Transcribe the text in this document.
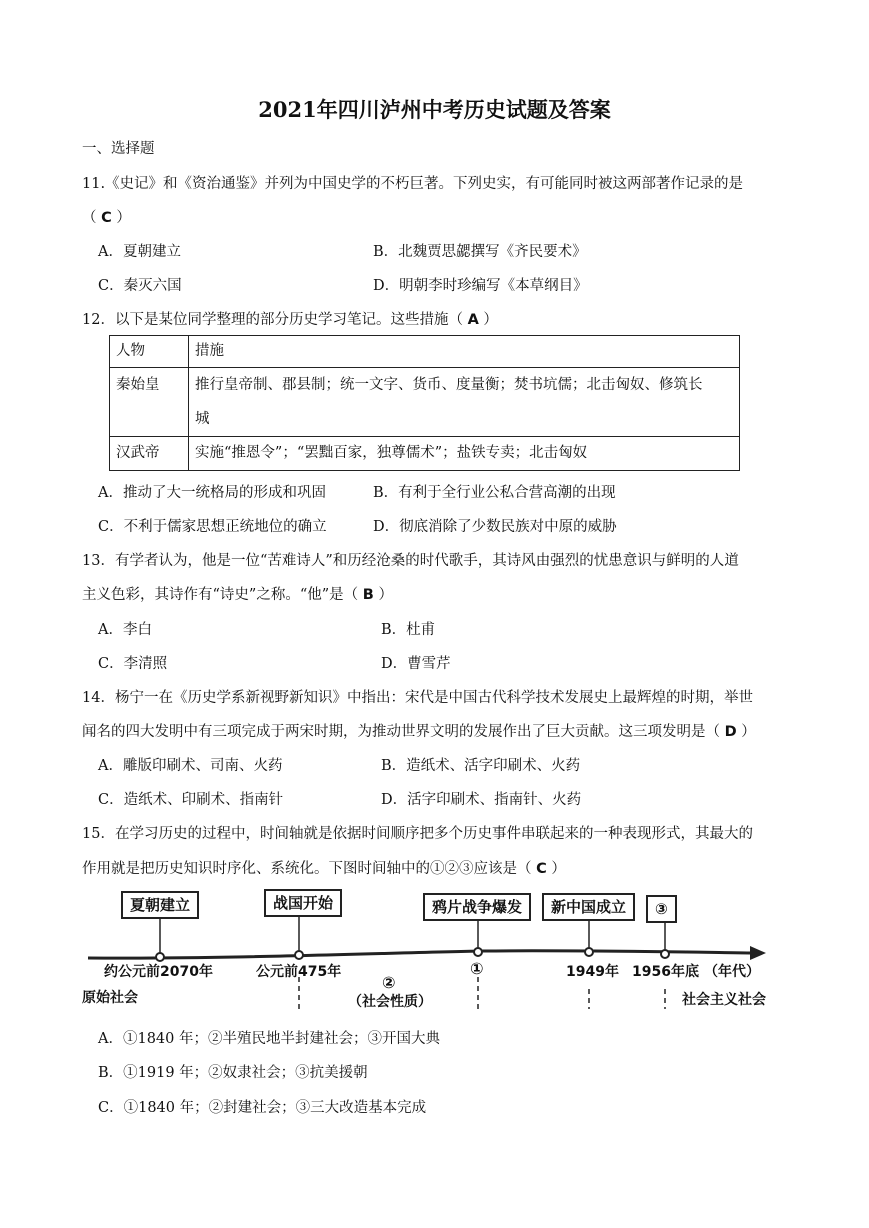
2021年四川泸州中考历史试题及答案
一、选择题
11.《史记》和《资治通鉴》并列为中国史学的不朽巨著。下列史实，有可能同时被这两部著作记录的是
（ C ）
A．夏朝建立	B．北魏贾思勰撰写《齐民要术》
C．秦灭六国	D．明朝李时珍编写《本草纲目》
12．以下是某位同学整理的部分历史学习笔记。这些措施（ A ）
人物	措施
秦始皇	推行皇帝制、郡县制；统一文字、货币、度量衡；焚书坑儒；北击匈奴、修筑长
城

汉武帝	实施“推恩令”；“罢黜百家，独尊儒术”；盐铁专卖；北击匈奴
A．推动了大一统格局的形成和巩固	B．有利于全行业公私合营高潮的出现
C．不利于儒家思想正统地位的确立	D．彻底消除了少数民族对中原的威胁
13．有学者认为，他是一位“苦难诗人”和历经沧桑的时代歌手，其诗风由强烈的忧患意识与鲜明的人道
主义色彩，其诗作有“诗史”之称。“他”是（ B ）
A．李白	B．杜甫
C．李清照	D．曹雪芹
14．杨宁一在《历史学系新视野新知识》中指出：宋代是中国古代科学技术发展史上最辉煌的时期，举世
闻名的四大发明中有三项完成于两宋时期，为推动世界文明的发展作出了巨大贡献。这三项发明是（ D ）
A．雕版印刷术、司南、火药	B．造纸术、活字印刷术、火药
C．造纸术、印刷术、指南针	D．活字印刷术、指南针、火药
15．在学习历史的过程中，时间轴就是依据时间顺序把多个历史事件串联起来的一种表现形式，其最大的
作用就是把历史知识时序化、系统化。下图时间轴中的①②③应该是（ C ）
夏朝建立	战国开始	鸦片战争爆发	新中国成立	③
约公元前2070年	公元前475年	①	1949年 1956年底 （年代）
②
（社会性质）
原始社会	社会主义社会
A．①1840 年；②半殖民地半封建社会；③开国大典
B．①1919 年；②奴隶社会；③抗美援朝
C．①1840 年；②封建社会；③三大改造基本完成
